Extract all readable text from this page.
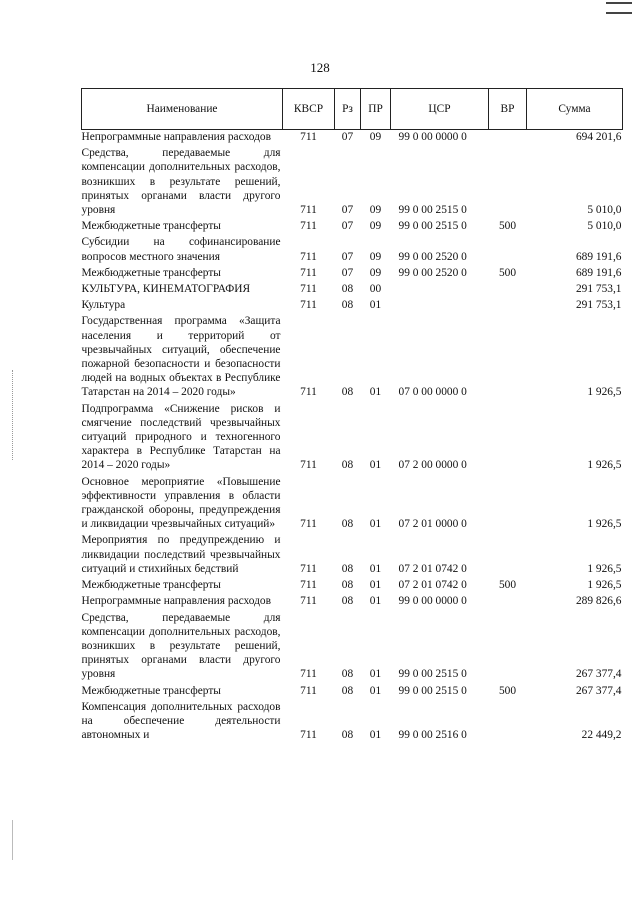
128
Наименование	КВСР	Рз	ПР	ЦСР	ВР	Сумма
Непрограммные направления расходов	711	07	09	99 0 00 0000 0		694 201,6
Средства, передаваемые для компенсации дополнительных расходов, возникших в результате решений, принятых органами власти другого уровня	711	07	09	99 0 00 2515 0		5 010,0
Межбюджетные трансферты	711	07	09	99 0 00 2515 0	500	5 010,0
Субсидии на софинансирование вопросов местного значения	711	07	09	99 0 00 2520 0		689 191,6
Межбюджетные трансферты	711	07	09	99 0 00 2520 0	500	689 191,6
КУЛЬТУРА, КИНЕМАТОГРАФИЯ	711	08	00			291 753,1
Культура	711	08	01			291 753,1
Государственная программа «Защита населения и территорий от чрезвычайных ситуаций, обеспечение пожарной безопасности и безопасности людей на водных объектах в Республике Татарстан на 2014 – 2020 годы»	711	08	01	07 0 00 0000 0		1 926,5
Подпрограмма «Снижение рисков и смягчение последствий чрезвычайных ситуаций природного и техногенного характера в Республике Татарстан на 2014 – 2020 годы»	711	08	01	07 2 00 0000 0		1 926,5
Основное мероприятие «Повышение эффективности управления в области гражданской обороны, предупреждения и ликвидации чрезвычайных ситуаций»	711	08	01	07 2 01 0000 0		1 926,5
Мероприятия по предупреждению и ликвидации последствий чрезвычайных ситуаций и стихийных бедствий	711	08	01	07 2 01 0742 0		1 926,5
Межбюджетные трансферты	711	08	01	07 2 01 0742 0	500	1 926,5
Непрограммные направления расходов	711	08	01	99 0 00 0000 0		289 826,6
Средства, передаваемые для компенсации дополнительных расходов, возникших в результате решений, принятых органами власти другого уровня	711	08	01	99 0 00 2515 0		267 377,4
Межбюджетные трансферты	711	08	01	99 0 00 2515 0	500	267 377,4
Компенсация дополнительных расходов на обеспечение деятельности автономных и	711	08	01	99 0 00 2516 0		22 449,2
